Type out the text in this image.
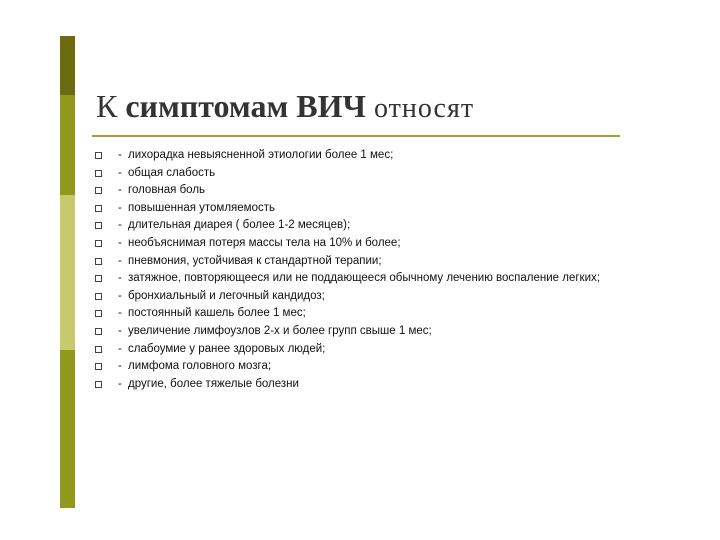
К симптомам ВИЧ относят
- лихорадка невыясненной этиологии более 1 мес;
- общая слабость
- головная боль
- повышенная утомляемость
- длительная диарея ( более 1-2 месяцев);
- необъяснимая потеря массы тела на 10% и более;
- пневмония, устойчивая к стандартной терапии;
- затяжное, повторяющееся или не поддающееся обычному лечению воспаление легких;
- бронхиальный и легочный кандидоз;
- постоянный кашель более 1 мес;
- увеличение лимфоузлов 2-х и более групп свыше 1 мес;
- слабоумие у ранее здоровых людей;
- лимфома головного мозга;
- другие, более тяжелые болезни
